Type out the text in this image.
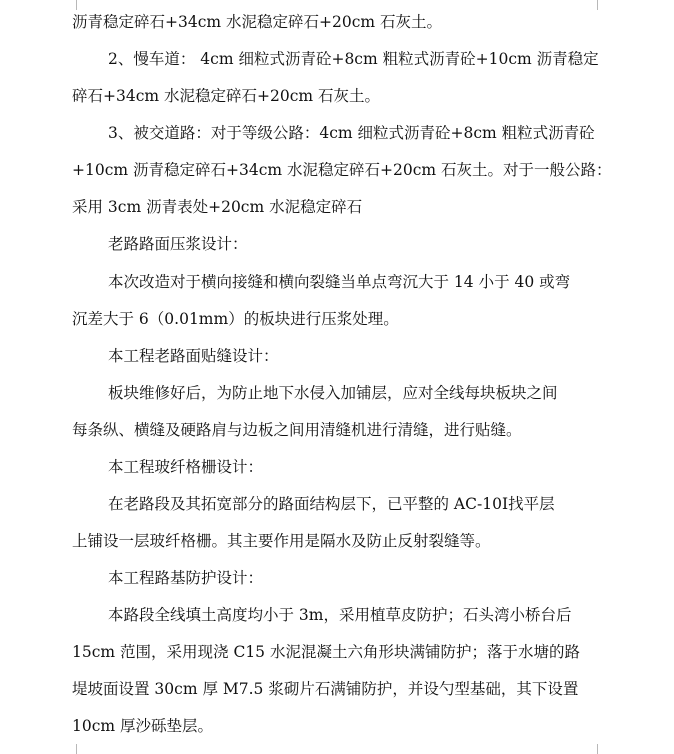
沥青稳定碎石+34cm 水泥稳定碎石+20cm 石灰土。
2、慢车道： 4cm 细粒式沥青砼+8cm 粗粒式沥青砼+10cm 沥青稳定
碎石+34cm 水泥稳定碎石+20cm 石灰土。
3、被交道路：对于等级公路：4cm 细粒式沥青砼+8cm 粗粒式沥青砼
+10cm 沥青稳定碎石+34cm 水泥稳定碎石+20cm 石灰土。对于一般公路：
采用 3cm 沥青表处+20cm 水泥稳定碎石
老路路面压浆设计：
本次改造对于横向接缝和横向裂缝当单点弯沉大于 14 小于 40 或弯
沉差大于 6（0.01mm）的板块进行压浆处理。
本工程老路面贴缝设计：
板块维修好后，为防止地下水侵入加铺层，应对全线每块板块之间
每条纵、横缝及硬路肩与边板之间用清缝机进行清缝，进行贴缝。
本工程玻纤格栅设计：
在老路段及其拓宽部分的路面结构层下，已平整的 AC-10Ⅰ找平层
上铺设一层玻纤格栅。其主要作用是隔水及防止反射裂缝等。
本工程路基防护设计：
本路段全线填土高度均小于 3m，采用植草皮防护；石头湾小桥台后
15cm 范围，采用现浇 C15 水泥混凝土六角形块满铺防护；落于水塘的路
堤坡面设置 30cm 厚 M7.5 浆砌片石满铺防护，并设勺型基础，其下设置
10cm 厚沙砾垫层。
